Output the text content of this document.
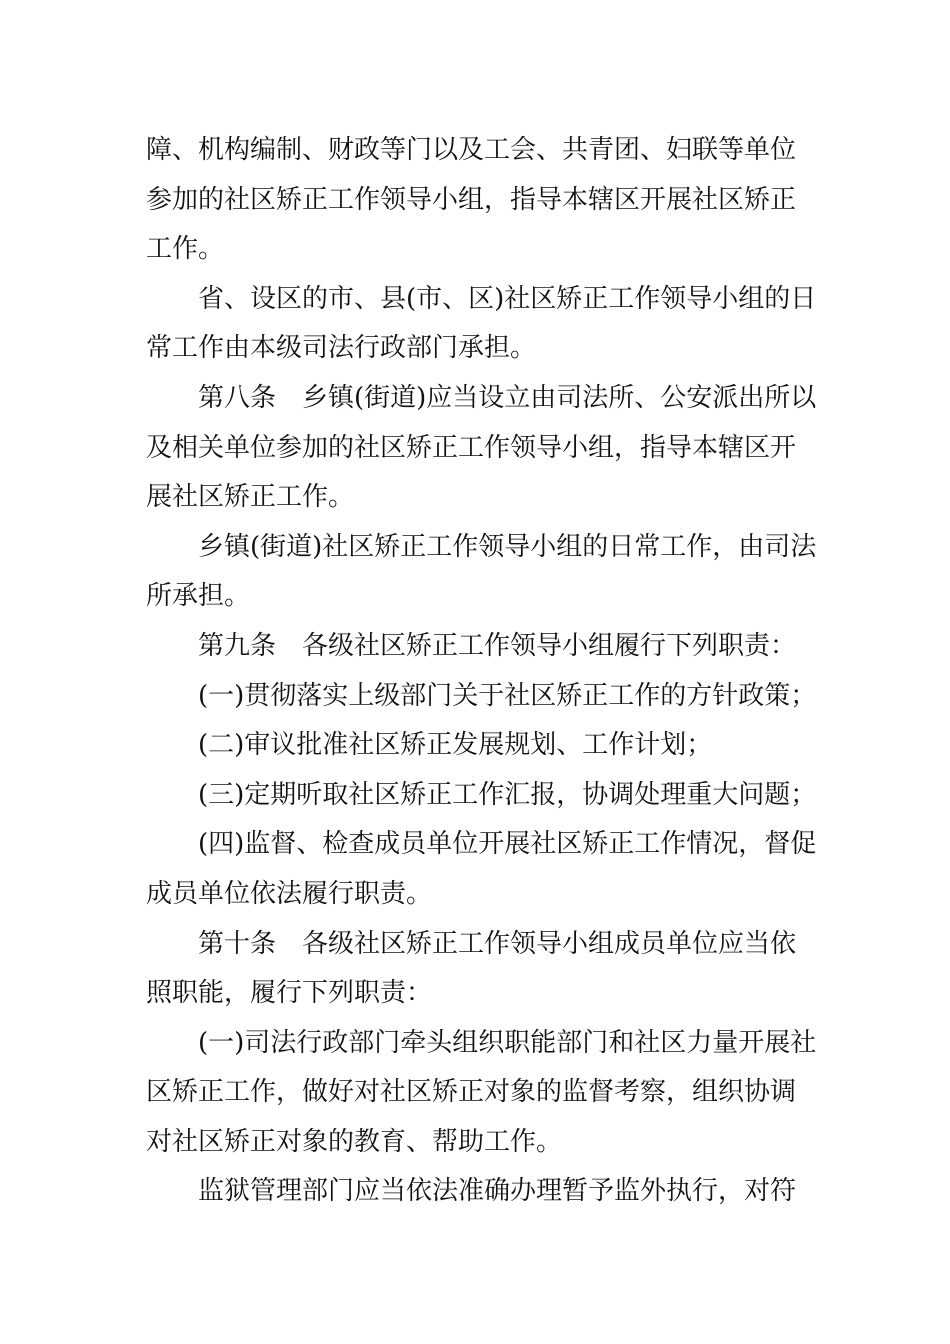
障、机构编制、财政等门以及工会、共青团、妇联等单位
参加的社区矫正工作领导小组，指导本辖区开展社区矫正
工作。

省、设区的市、县(市、区)社区矫正工作领导小组的日
常工作由本级司法行政部门承担。

第八条　乡镇(街道)应当设立由司法所、公安派出所以
及相关单位参加的社区矫正工作领导小组，指导本辖区开
展社区矫正工作。

乡镇(街道)社区矫正工作领导小组的日常工作，由司法
所承担。

第九条　各级社区矫正工作领导小组履行下列职责：

(一)贯彻落实上级部门关于社区矫正工作的方针政策；

(二)审议批准社区矫正发展规划、工作计划；

(三)定期听取社区矫正工作汇报，协调处理重大问题；

(四)监督、检查成员单位开展社区矫正工作情况，督促
成员单位依法履行职责。

第十条　各级社区矫正工作领导小组成员单位应当依
照职能，履行下列职责：

(一)司法行政部门牵头组织职能部门和社区力量开展社
区矫正工作，做好对社区矫正对象的监督考察，组织协调
对社区矫正对象的教育、帮助工作。

监狱管理部门应当依法准确办理暂予监外执行，对符
